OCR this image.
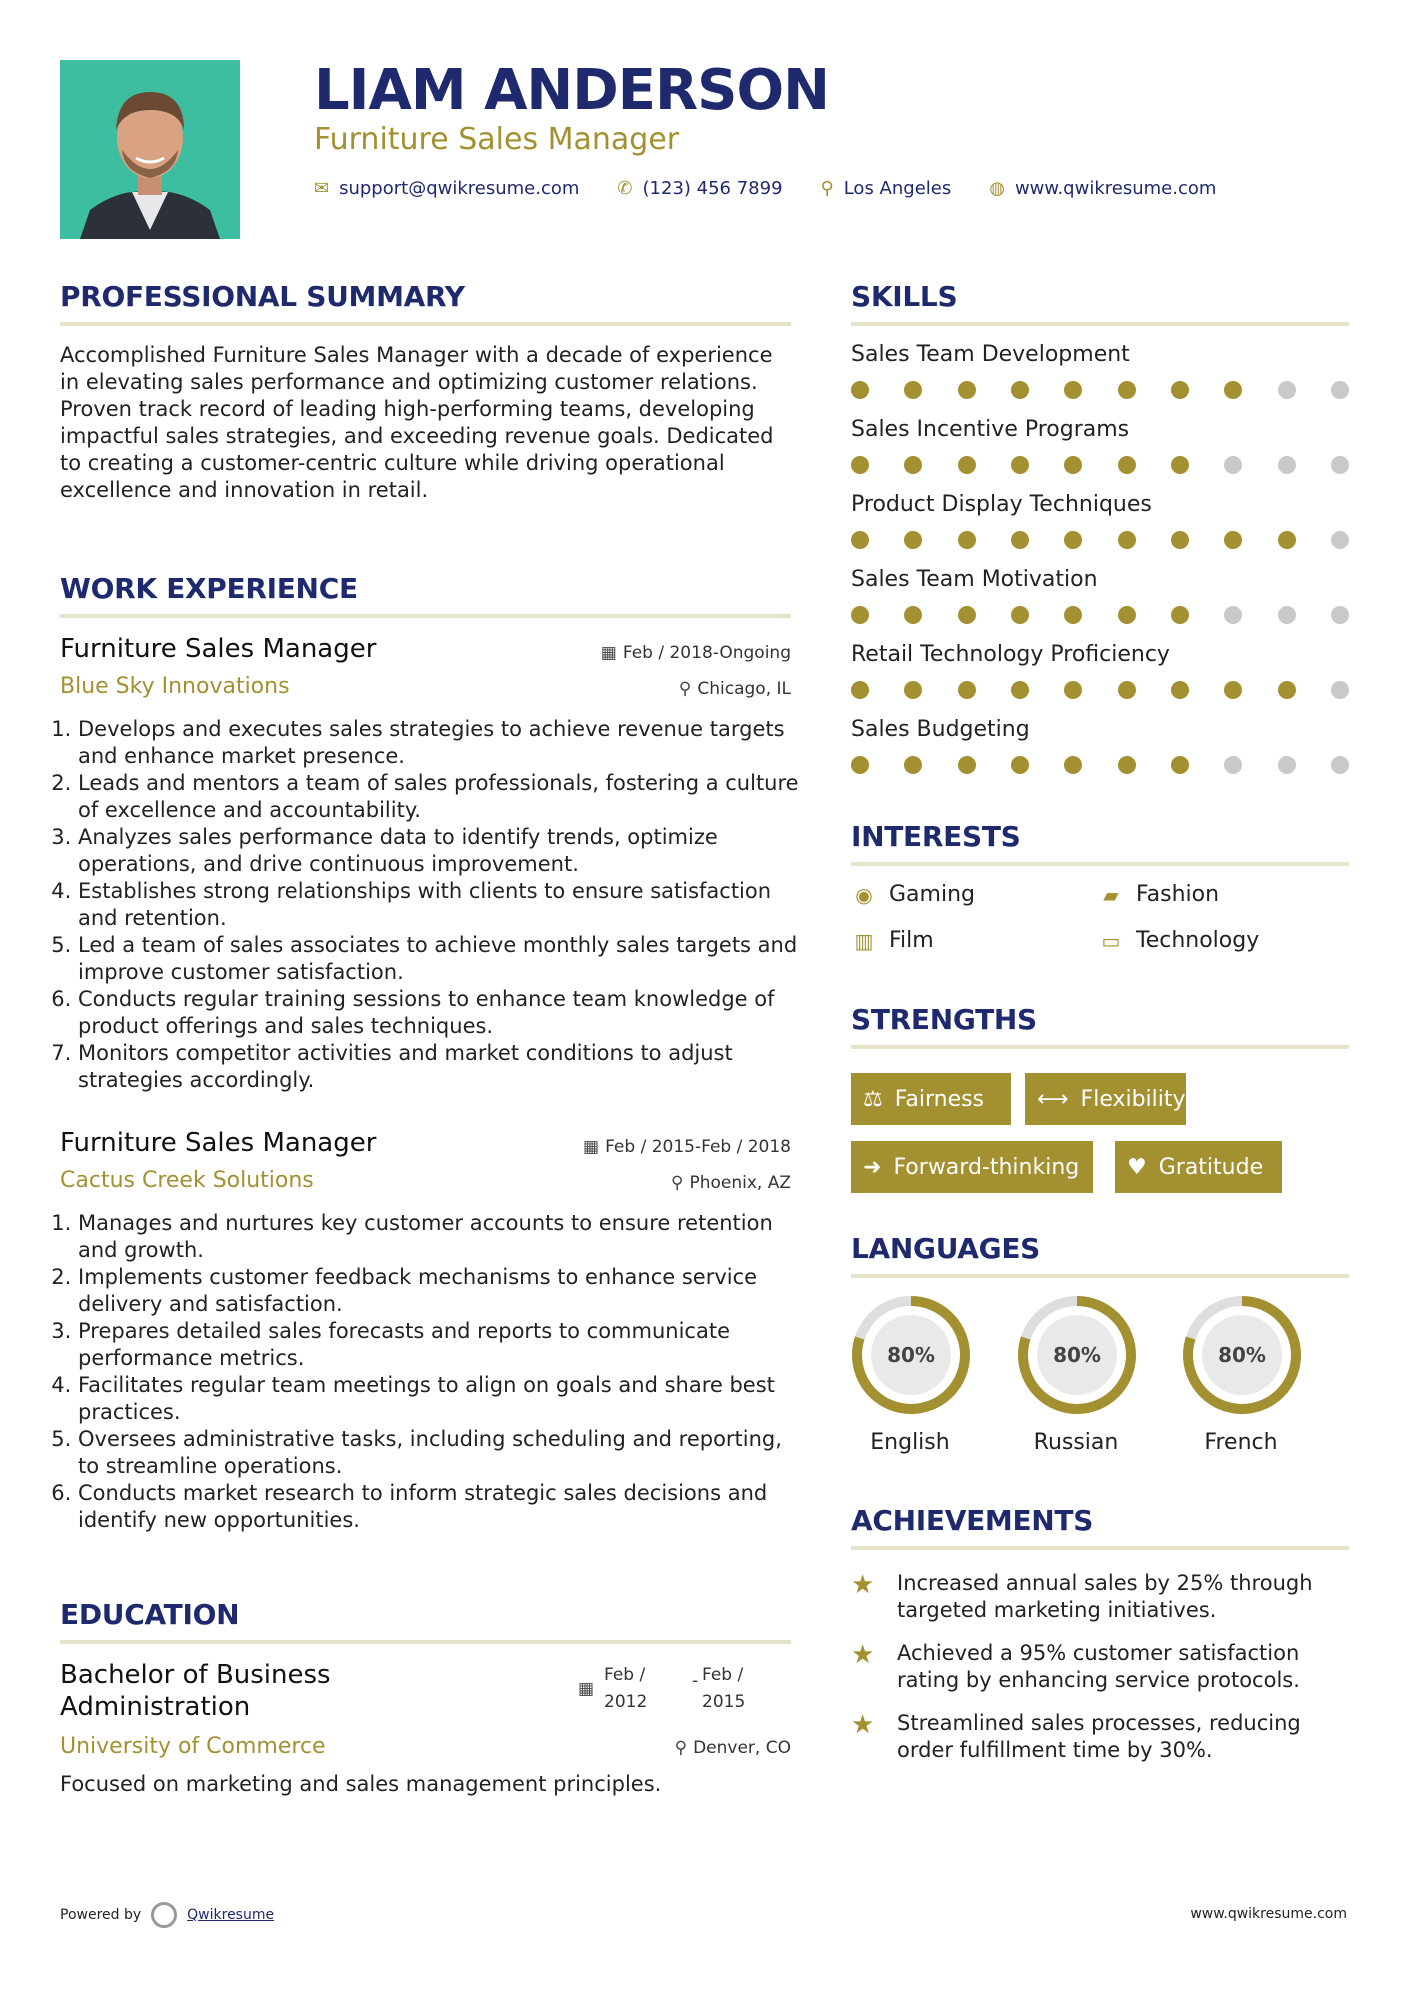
LIAM ANDERSON
Furniture Sales Manager
✉ support@qwikresume.com ✆ (123) 456 7899 ⚲ Los Angeles ◍ www.qwikresume.com
PROFESSIONAL SUMMARY
Accomplished Furniture Sales Manager with a decade of experience in elevating sales performance and optimizing customer relations. Proven track record of leading high-performing teams, developing impactful sales strategies, and exceeding revenue goals. Dedicated to creating a customer-centric culture while driving operational excellence and innovation in retail.
WORK EXPERIENCE
Furniture Sales Manager
Blue Sky Innovations
▦ Feb / 2018-Ongoing
⚲ Chicago, IL
1. Develops and executes sales strategies to achieve revenue targets and enhance market presence.
2. Leads and mentors a team of sales professionals, fostering a culture of excellence and accountability.
3. Analyzes sales performance data to identify trends, optimize operations, and drive continuous improvement.
4. Establishes strong relationships with clients to ensure satisfaction and retention.
5. Led a team of sales associates to achieve monthly sales targets and improve customer satisfaction.
6. Conducts regular training sessions to enhance team knowledge of product offerings and sales techniques.
7. Monitors competitor activities and market conditions to adjust strategies accordingly.
Furniture Sales Manager
Cactus Creek Solutions
▦ Feb / 2015-Feb / 2018
⚲ Phoenix, AZ
1. Manages and nurtures key customer accounts to ensure retention and growth.
2. Implements customer feedback mechanisms to enhance service delivery and satisfaction.
3. Prepares detailed sales forecasts and reports to communicate performance metrics.
4. Facilitates regular team meetings to align on goals and share best practices.
5. Oversees administrative tasks, including scheduling and reporting, to streamline operations.
6. Conducts market research to inform strategic sales decisions and identify new opportunities.
EDUCATION
Bachelor of Business
Administration
▦
Feb /
2012
- Feb /
2015
University of Commerce	⚲ Denver, CO
Focused on marketing and sales management principles.
SKILLS
Sales Team Development
Sales Incentive Programs
Product Display Techniques
Sales Team Motivation
Retail Technology Proficiency
Sales Budgeting
INTERESTS
◉ Gaming	▰ Fashion
▥ Film	▭ Technology
STRENGTHS
⚖ Fairness ⟷ Flexibility
➜ Forward-thinking ♥ Gratitude
LANGUAGES
80%	80%	80%
English	Russian	French
ACHIEVEMENTS
★	Increased annual sales by 25% through targeted marketing initiatives.
★	Achieved a 95% customer satisfaction rating by enhancing service protocols.
★	Streamlined sales processes, reducing order fulfillment time by 30%.
Powered by	Qwikresume	www.qwikresume.com
